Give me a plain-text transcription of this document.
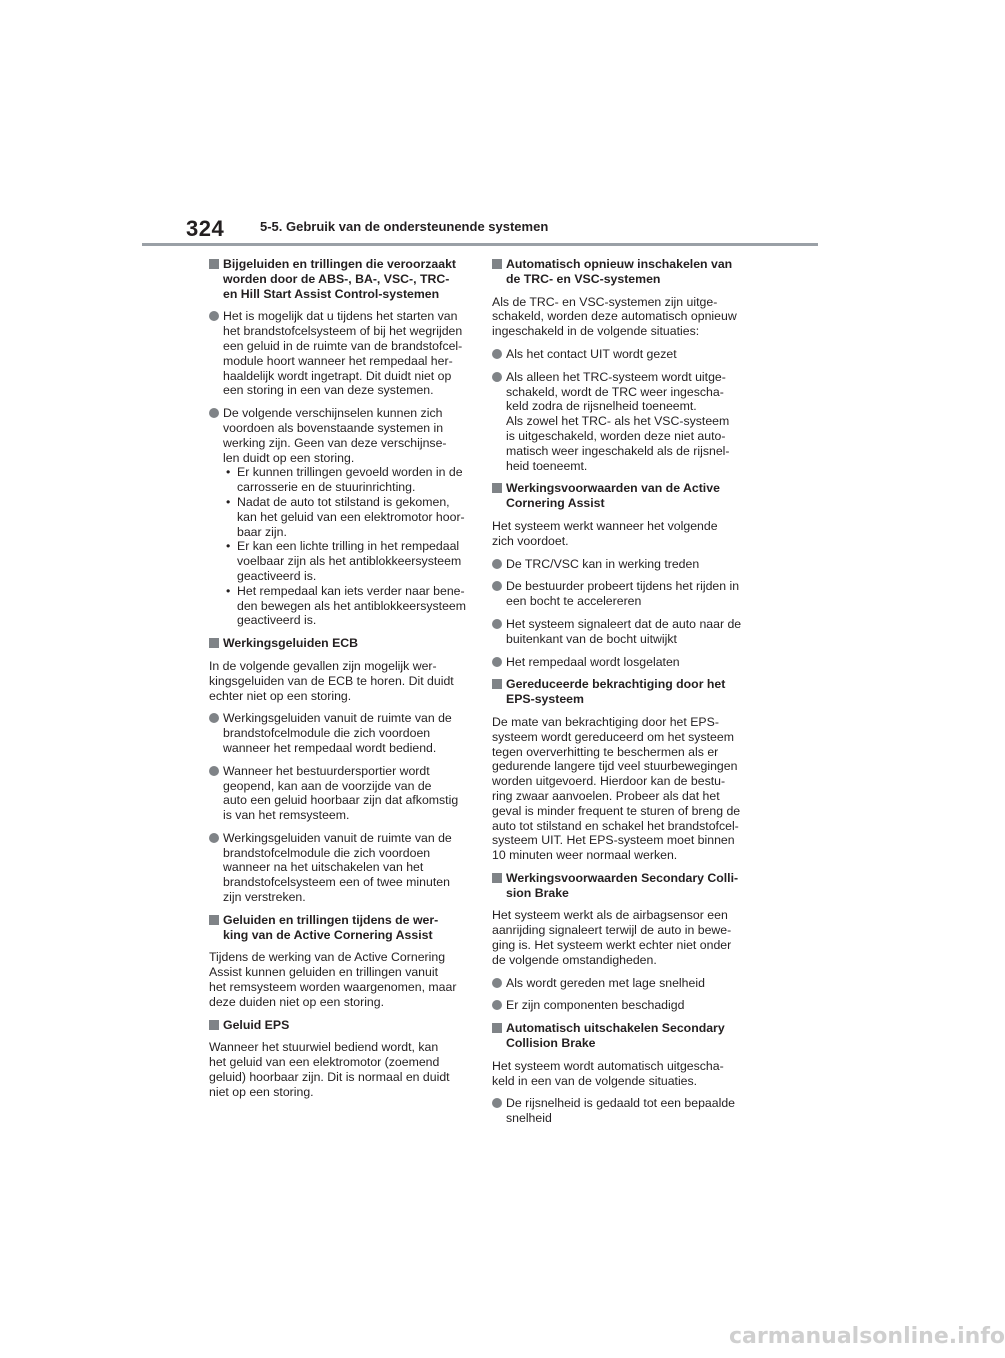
324	5-5. Gebruik van de ondersteunende systemen
Bijgeluiden en trillingen die veroorzaakt
worden door de ABS-, BA-, VSC-, TRC-
en Hill Start Assist Control-systemen
Het is mogelijk dat u tijdens het starten van
het brandstofcelsysteem of bij het wegrijden
een geluid in de ruimte van de brandstofcel-
module hoort wanneer het rempedaal her-
haaldelijk wordt ingetrapt. Dit duidt niet op
een storing in een van deze systemen.
De volgende verschijnselen kunnen zich
voordoen als bovenstaande systemen in
werking zijn. Geen van deze verschijnse-
len duidt op een storing.
• Er kunnen trillingen gevoeld worden in de
carrosserie en de stuurinrichting.
• Nadat de auto tot stilstand is gekomen,
kan het geluid van een elektromotor hoor-
baar zijn.
• Er kan een lichte trilling in het rempedaal
voelbaar zijn als het antiblokkeersysteem
geactiveerd is.
• Het rempedaal kan iets verder naar bene-
den bewegen als het antiblokkeersysteem
geactiveerd is.
Werkingsgeluiden ECB
In de volgende gevallen zijn mogelijk wer-
kingsgeluiden van de ECB te horen. Dit duidt
echter niet op een storing.
Werkingsgeluiden vanuit de ruimte van de
brandstofcelmodule die zich voordoen
wanneer het rempedaal wordt bediend.
Wanneer het bestuurdersportier wordt
geopend, kan aan de voorzijde van de
auto een geluid hoorbaar zijn dat afkomstig
is van het remsysteem.
Werkingsgeluiden vanuit de ruimte van de
brandstofcelmodule die zich voordoen
wanneer na het uitschakelen van het
brandstofcelsysteem een of twee minuten
zijn verstreken.
Geluiden en trillingen tijdens de wer-
king van de Active Cornering Assist
Tijdens de werking van de Active Cornering
Assist kunnen geluiden en trillingen vanuit
het remsysteem worden waargenomen, maar
deze duiden niet op een storing.
Geluid EPS
Wanneer het stuurwiel bediend wordt, kan
het geluid van een elektromotor (zoemend
geluid) hoorbaar zijn. Dit is normaal en duidt
niet op een storing.
Automatisch opnieuw inschakelen van
de TRC- en VSC-systemen
Als de TRC- en VSC-systemen zijn uitge-
schakeld, worden deze automatisch opnieuw
ingeschakeld in de volgende situaties:
Als het contact UIT wordt gezet
Als alleen het TRC-systeem wordt uitge-
schakeld, wordt de TRC weer ingescha-
keld zodra de rijsnelheid toeneemt.
Als zowel het TRC- als het VSC-systeem
is uitgeschakeld, worden deze niet auto-
matisch weer ingeschakeld als de rijsnel-
heid toeneemt.
Werkingsvoorwaarden van de Active
Cornering Assist
Het systeem werkt wanneer het volgende
zich voordoet.
De TRC/VSC kan in werking treden
De bestuurder probeert tijdens het rijden in
een bocht te accelereren
Het systeem signaleert dat de auto naar de
buitenkant van de bocht uitwijkt
Het rempedaal wordt losgelaten
Gereduceerde bekrachtiging door het
EPS-systeem
De mate van bekrachtiging door het EPS-
systeem wordt gereduceerd om het systeem
tegen oververhitting te beschermen als er
gedurende langere tijd veel stuurbewegingen
worden uitgevoerd. Hierdoor kan de bestu-
ring zwaar aanvoelen. Probeer als dat het
geval is minder frequent te sturen of breng de
auto tot stilstand en schakel het brandstofcel-
systeem UIT. Het EPS-systeem moet binnen
10 minuten weer normaal werken.
Werkingsvoorwaarden Secondary Colli-
sion Brake
Het systeem werkt als de airbagsensor een
aanrijding signaleert terwijl de auto in bewe-
ging is. Het systeem werkt echter niet onder
de volgende omstandigheden.
Als wordt gereden met lage snelheid
Er zijn componenten beschadigd
Automatisch uitschakelen Secondary
Collision Brake
Het systeem wordt automatisch uitgescha-
keld in een van de volgende situaties.
De rijsnelheid is gedaald tot een bepaalde
snelheid
carmanualsonline.info
